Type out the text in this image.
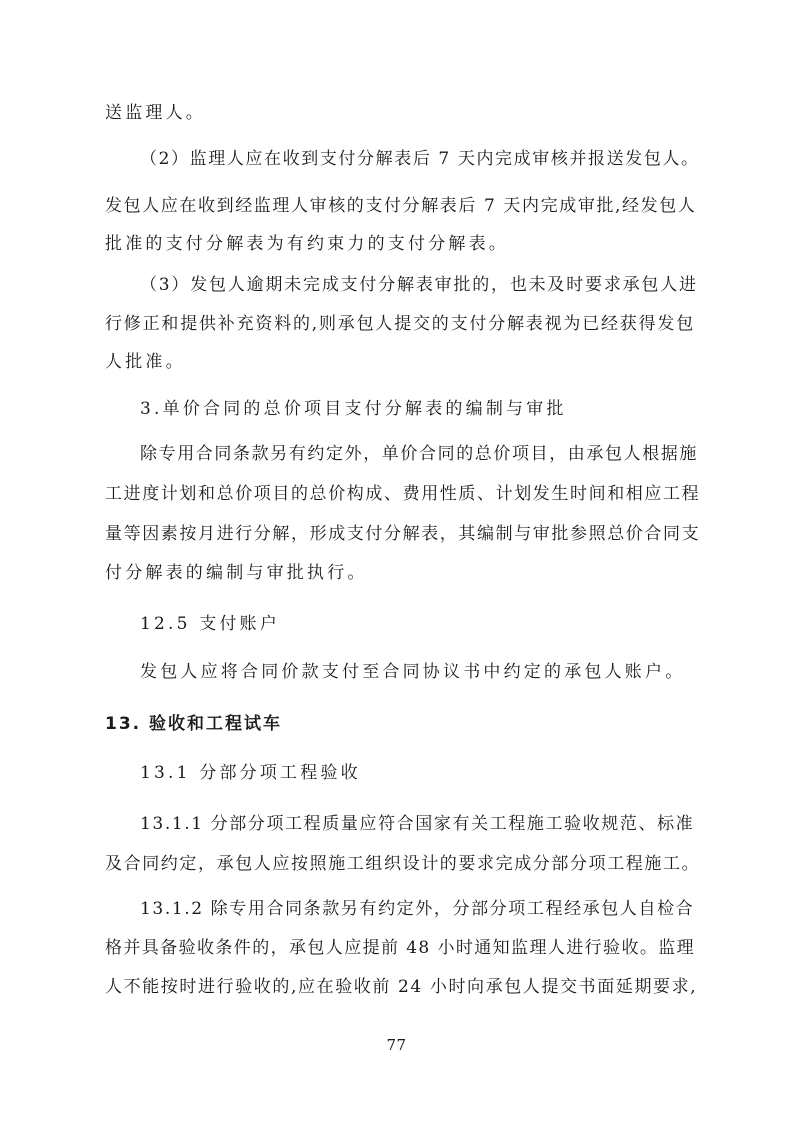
送监理人。
（2）监理人应在收到支付分解表后 7 天内完成审核并报送发包人。
发包人应在收到经监理人审核的支付分解表后 7 天内完成审批,经发包人
批准的支付分解表为有约束力的支付分解表。
（3）发包人逾期未完成支付分解表审批的，也未及时要求承包人进
行修正和提供补充资料的,则承包人提交的支付分解表视为已经获得发包
人批准。
3.单价合同的总价项目支付分解表的编制与审批
除专用合同条款另有约定外，单价合同的总价项目，由承包人根据施
工进度计划和总价项目的总价构成、费用性质、计划发生时间和相应工程
量等因素按月进行分解，形成支付分解表，其编制与审批参照总价合同支
付分解表的编制与审批执行。
12.5 支付账户
发包人应将合同价款支付至合同协议书中约定的承包人账户。
13. 验收和工程试车
13.1 分部分项工程验收
13.1.1 分部分项工程质量应符合国家有关工程施工验收规范、标准
及合同约定，承包人应按照施工组织设计的要求完成分部分项工程施工。
13.1.2 除专用合同条款另有约定外，分部分项工程经承包人自检合
格并具备验收条件的，承包人应提前 48 小时通知监理人进行验收。监理
人不能按时进行验收的,应在验收前 24 小时向承包人提交书面延期要求,
77
